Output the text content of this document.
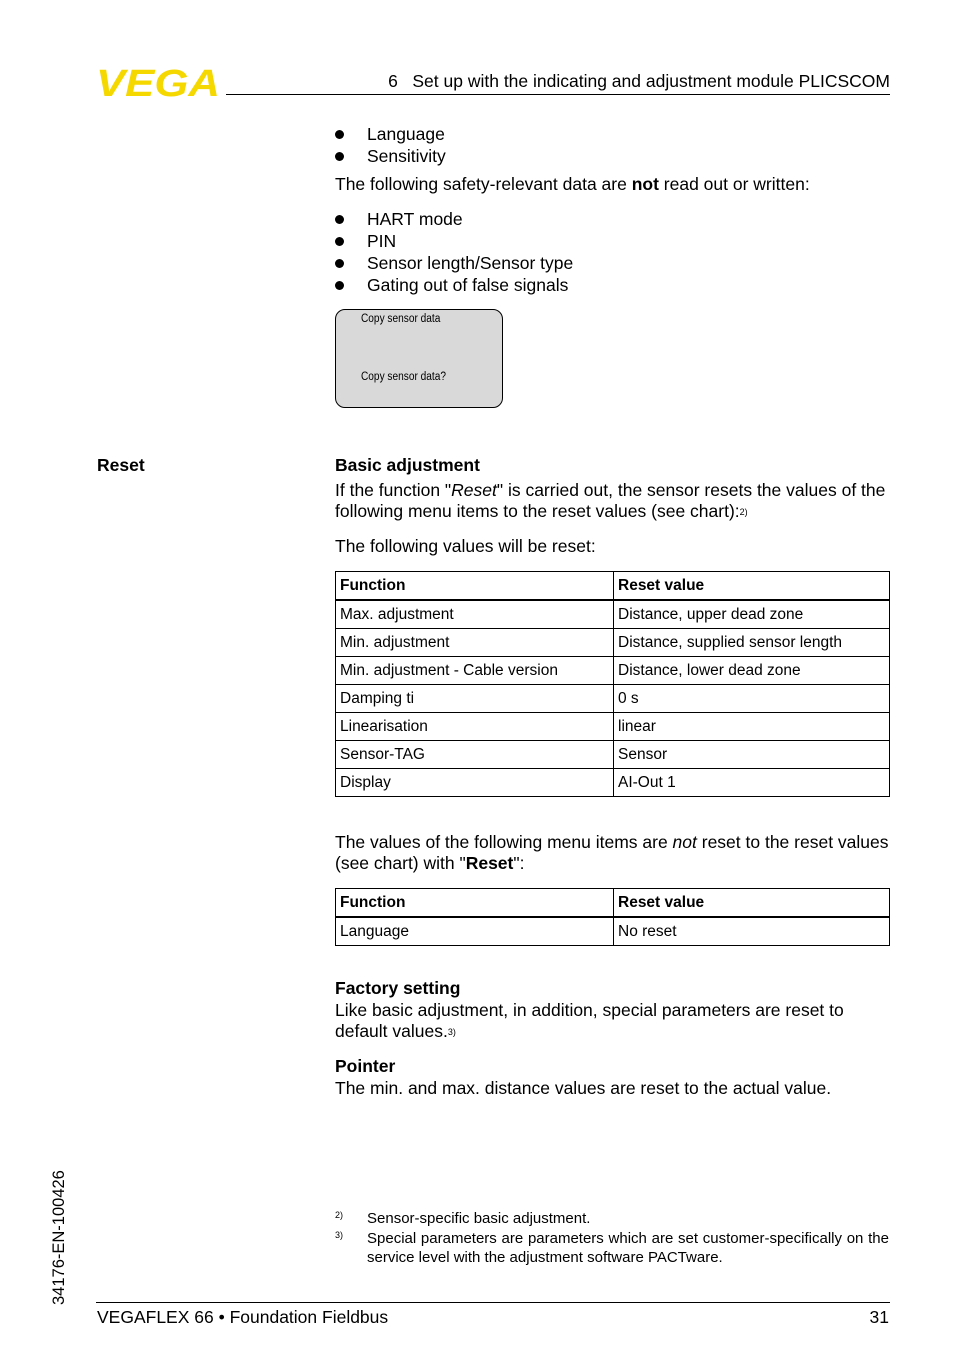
VEGA	6   Set up with the indicating and adjustment module PLICSCOM
Language
Sensitivity
The following safety-relevant data are not read out or written:
HART mode
PIN
Sensor length/Sensor type
Gating out of false signals
Copy sensor data
Copy sensor data?
Reset	Basic adjustment
If the function "Reset" is carried out, the sensor resets the values of the following menu items to the reset values (see chart):$^{2)}$
The following values will be reset:
Function	Reset value
Max. adjustment	Distance, upper dead zone
Min. adjustment	Distance, supplied sensor length
Min. adjustment - Cable version	Distance, lower dead zone
Damping ti	0 s
Linearisation	linear
Sensor-TAG	Sensor
Display	AI-Out 1
The values of the following menu items are not reset to the reset values (see chart) with "Reset":
Function	Reset value
Language	No reset
Factory setting
Like basic adjustment, in addition, special parameters are reset to default values.$^{3)}$
Pointer
The min. and max. distance values are reset to the actual value.
2) Sensor-specific basic adjustment.
3) Special parameters are parameters which are set customer-specifically on the service level with the adjustment software PACTware.
34176-EN-100426
VEGAFLEX 66 • Foundation Fieldbus	31
